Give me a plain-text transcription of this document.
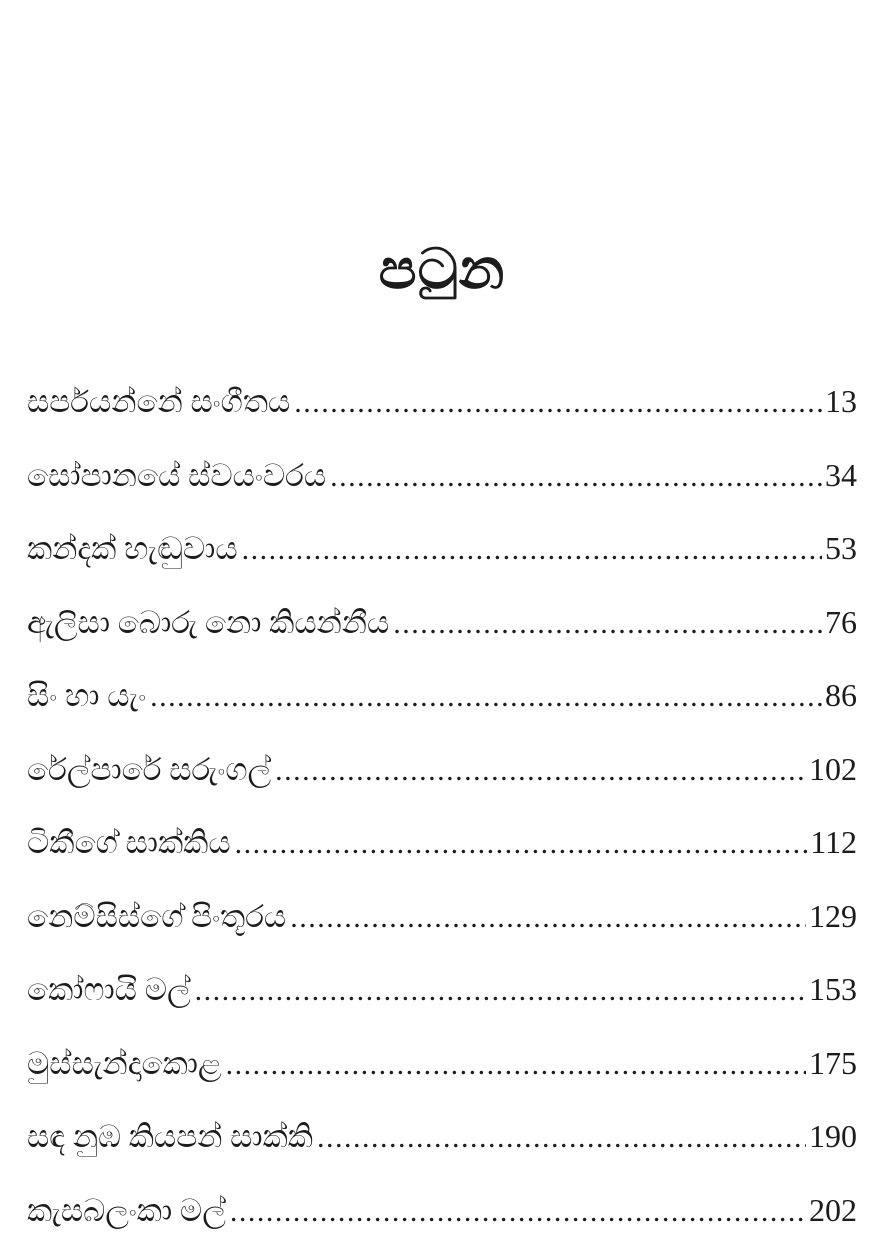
පටුන
සර්පයන්නේ සංගීතය .....	13
සෝපානයේ ස්වයංවරය .....	34
කන්දක් හැඬුවාය .....	53
ඇලිසා බොරු නො කියන්නීය .....	76
සිං හා යැං .....	86
රේල්පාරේ සරුංගල් .....	102
ටිකීගේ සාක්කිය .....	112
නෙම්සිස්ගේ පිංතූරය .....	129
කෝෆායි මල් .....	153
මුස්සැන්දාකොළ .....	175
සඳ නුඹ කියපන් සාක්කි .....	190
කැසබලංකා මල් .....	202
